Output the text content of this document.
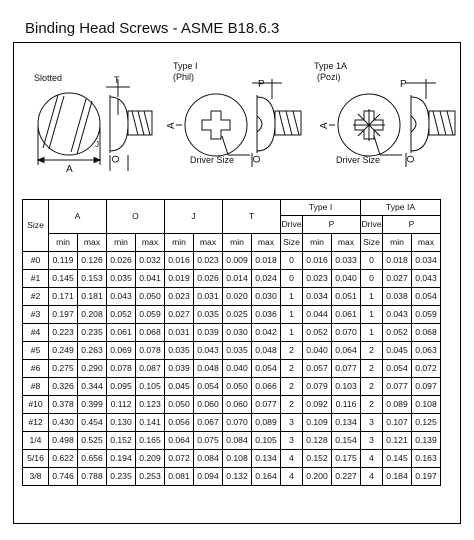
Binding Head Screws - ASME B18.6.3
Slotted
A
T
J
O
Type I
(Phil)
A
P
O
Driver Size
Type 1A
(Pozi)
A
P
O
Driver Size
Size	A		O		J		T		Type I			Type IA		
									Drive	P		Drive	P	
	min	max	min	max	min	max	min	max	Size	min	max	Size	min	max
#0	0.119	0.126	0.026	0.032	0.016	0.023	0.009	0.018	0	0.016	0.033	0	0.018	0.034
#1	0.145	0.153	0.035	0.041	0.019	0.026	0.014	0.024	0	0.023	0.040	0	0.027	0.043
#2	0.171	0.181	0.043	0.050	0.023	0.031	0.020	0.030	1	0.034	0.051	1	0.038	0.054
#3	0.197	0.208	0.052	0.059	0.027	0.035	0.025	0.036	1	0.044	0.061	1	0.043	0.059
#4	0.223	0.235	0.061	0.068	0.031	0.039	0.030	0.042	1	0.052	0.070	1	0.052	0.068
#5	0.249	0.263	0.069	0.078	0.035	0.043	0.035	0.048	2	0.040	0.064	2	0.045	0.063
#6	0.275	0.290	0.078	0.087	0.039	0.048	0.040	0.054	2	0.057	0.077	2	0.054	0.072
#8	0.326	0.344	0.095	0.105	0.045	0.054	0.050	0.066	2	0.079	0.103	2	0.077	0.097
#10	0.378	0.399	0.112	0.123	0.050	0.060	0.060	0.077	2	0.092	0.116	2	0.089	0.108
#12	0.430	0.454	0.130	0.141	0.056	0.067	0.070	0.089	3	0.109	0.134	3	0.107	0.125
1/4	0.498	0.525	0.152	0.165	0.064	0.075	0.084	0.105	3	0.128	0.154	3	0.121	0.139
5/16	0.622	0.656	0.194	0.209	0.072	0.084	0.108	0.134	4	0.152	0.175	4	0.145	0.163
3/8	0.746	0.788	0.235	0.253	0.081	0.094	0.132	0.164	4	0.200	0.227	4	0.184	0.197
